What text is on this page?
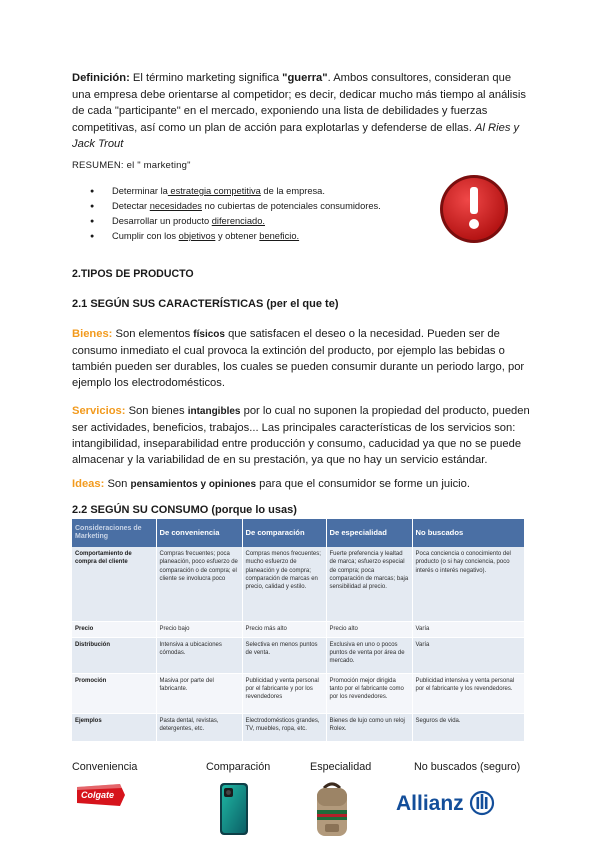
Definición: El término marketing significa "guerra". Ambos consultores, consideran que una empresa debe orientarse al competidor; es decir, dedicar mucho más tiempo al análisis de cada "participante" en el mercado, exponiendo una lista de debilidades y fuerzas competitivas, así como un plan de acción para explotarlas y defenderse de ellas. Al Ries y Jack Trout
RESUMEN: el " marketing"
● Determinar la estrategia competitiva de la empresa.
● Detectar necesidades no cubiertas de potenciales consumidores.
● Desarrollar un producto diferenciado.
● Cumplir con los objetivos y obtener beneficio.
2.TIPOS DE PRODUCTO
2.1 SEGÚN SUS CARACTERÍSTICAS (per el que te)
Bienes: Son elementos físicos que satisfacen el deseo o la necesidad. Pueden ser de consumo inmediato el cual provoca la extinción del producto, por ejemplo las bebidas o también pueden ser durables, los cuales se pueden consumir durante un periodo largo, por ejemplo los electrodomésticos.
Servicios: Son bienes intangibles por lo cual no suponen la propiedad del producto, pueden ser actividades, beneficios, trabajos... Las principales características de los servicios son: intangibilidad, inseparabilidad entre producción y consumo, caducidad ya que no se puede almacenar y la variabilidad de en su prestación, ya que no hay un servicio estándar.
Ideas: Son pensamientos y opiniones para que el consumidor se forme un juicio.
2.2 SEGÚN SU CONSUMO (porque lo usas)
Consideraciones de Marketing	De conveniencia	De comparación	De especialidad	No buscados
Comportamiento de compra del cliente	Compras frecuentes; poca planeación, poco esfuerzo de comparación o de compra; el cliente se involucra poco	Compras menos frecuentes; mucho esfuerzo de planeación y de compra; comparación de marcas en precio, calidad y estilo.	Fuerte preferencia y lealtad de marca; esfuerzo especial de compra; poca comparación de marcas; baja sensibilidad al precio.	Poca conciencia o conocimiento del producto (o si hay conciencia, poco interés o interés negativo).
Precio	Precio bajo	Precio más alto	Precio alto	Varía
Distribución	Intensiva a ubicaciones cómodas.	Selectiva en menos puntos de venta.	Exclusiva en uno o pocos puntos de venta por área de mercado.	Varía
Promoción	Masiva por parte del fabricante.	Publicidad y venta personal por el fabricante y por los revendedores	Promoción mejor dirigida tanto por el fabricante como por los revendedores.	Publicidad intensiva y venta personal por el fabricante y los revendedores.
Ejemplos	Pasta dental, revistas, detergentes, etc.	Electrodomésticos grandes, TV, muebles, ropa, etc.	Bienes de lujo como un reloj Rolex.	Seguros de vida.
Conveniencia	Comparación	Especialidad	No buscados (seguro)
Colgate	Allianz
